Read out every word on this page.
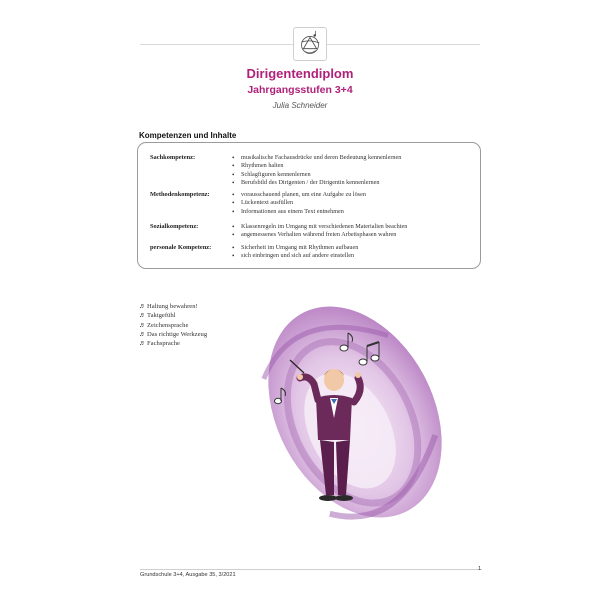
Dirigentendiplom
Jahrgangsstufen 3+4
Julia Schneider
Kompetenzen und Inhalte
Sachkompetenz:	• musikalische Fachausdrücke und deren Bedeutung kennenlernen
• Rhythmen halten
• Schlagfiguren kennenlernen
• Berufsbild des Dirigenten / der Dirigentin kennenlernen
Methodenkompetenz:	• vorausschauend planen, um eine Aufgabe zu lösen
• Lückentext ausfüllen
• Informationen aus einem Text entnehmen
Sozialkompetenz:	• Klassenregeln im Umgang mit verschiedenen Materialien beachten
• angemessenes Verhalten während freien Arbeitsphasen wahren
personale Kompetenz:	• Sicherheit im Umgang mit Rhythmen aufbauen
• sich einbringen und sich auf andere einstellen
♬Haltung bewahren!
♬Taktgefühl
♬Zeichensprache
♬Das richtige Werkzeug
♬Fachsprache
Grundschule 3+4, Ausgabe 35, 3/2021
1
